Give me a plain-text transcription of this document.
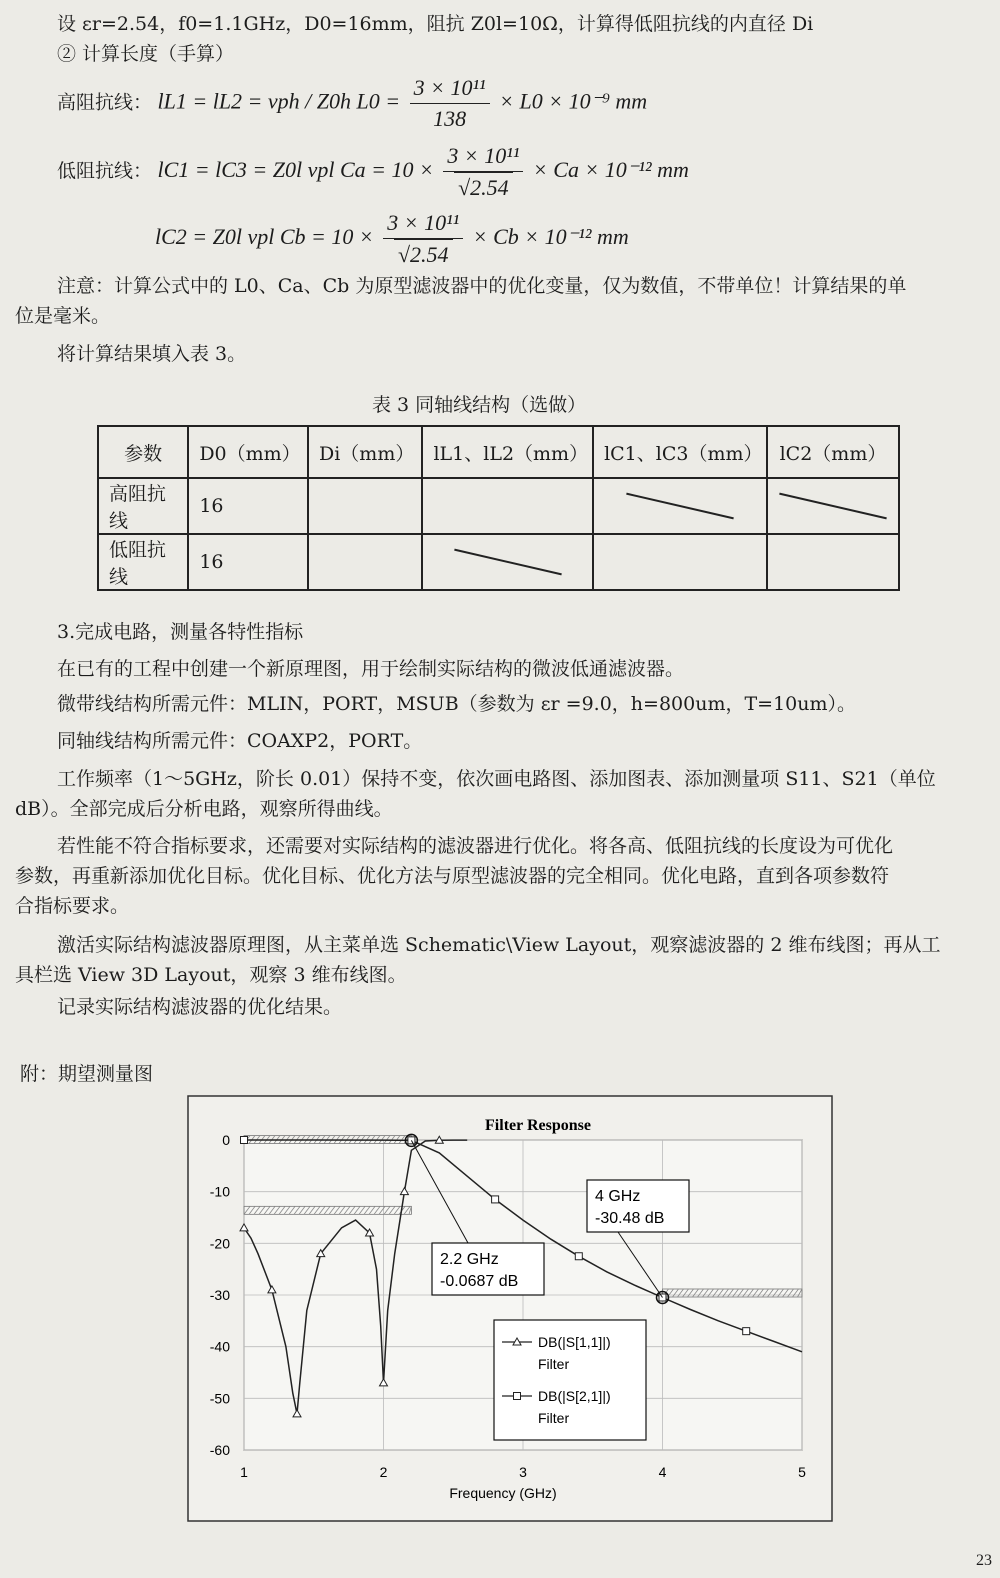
设 εr=2.54，f0=1.1GHz，D0=16mm，阻抗 Z0l=10Ω，计算得低阻抗线的内直径 Di
② 计算长度（手算）
高阻抗线： lL1 = lL2 = vph / Z0h $L0 = \frac{\text{3 × 10¹¹}}{138} \times L0 \times 10^{-9}$ mm
低阻抗线： lC1 = lC3 = Z0l vpl $Ca = 10 \times \frac{\text{3 × 10¹¹}}{√2.54} \times Ca \times 10^{-12}$ mm
lC2 = Z0l vpl $Cb = 10 \times \frac{\text{3 × 10¹¹}}{√2.54} \times Cb \times 10^{-12}$ mm
注意：计算公式中的 L0、Ca、Cb 为原型滤波器中的优化变量，仅为数值，不带单位！计算结果的单
位是毫米。
将计算结果填入表 3。
表 3 同轴线结构（选做）
参数	D0（mm）	Di（mm）	lL1、lL2（mm）	lC1、lC3（mm）	lC2（mm）
高阻抗线	16			

低阻抗线	16		

3.完成电路，测量各特性指标
在已有的工程中创建一个新原理图，用于绘制实际结构的微波低通滤波器。
微带线结构所需元件：MLIN，PORT，MSUB（参数为 εr =9.0，h=800um，T=10um）。
同轴线结构所需元件：COAXP2，PORT。
工作频率（1～5GHz，阶长 0.01）保持不变，依次画电路图、添加图表、添加测量项 S11、S21（单位
dB）。全部完成后分析电路，观察所得曲线。
若性能不符合指标要求，还需要对实际结构的滤波器进行优化。将各高、低阻抗线的长度设为可优化
参数，再重新添加优化目标。优化目标、优化方法与原型滤波器的完全相同。优化电路，直到各项参数符
合指标要求。
激活实际结构滤波器原理图，从主菜单选 Schematic\View Layout，观察滤波器的 2 维布线图；再从工
具栏选 View 3D Layout，观察 3 维布线图。
记录实际结构滤波器的优化结果。
附：期望测量图
1	2	3	4	5
0
-10
-20
-30
-40
-50
-60
Filter Response
Frequency (GHz)
2.2 GHz
-0.0687 dB
4 GHz
-30.48 dB
DB(|S[1,1]|)
Filter
DB(|S[2,1]|)
Filter
23
